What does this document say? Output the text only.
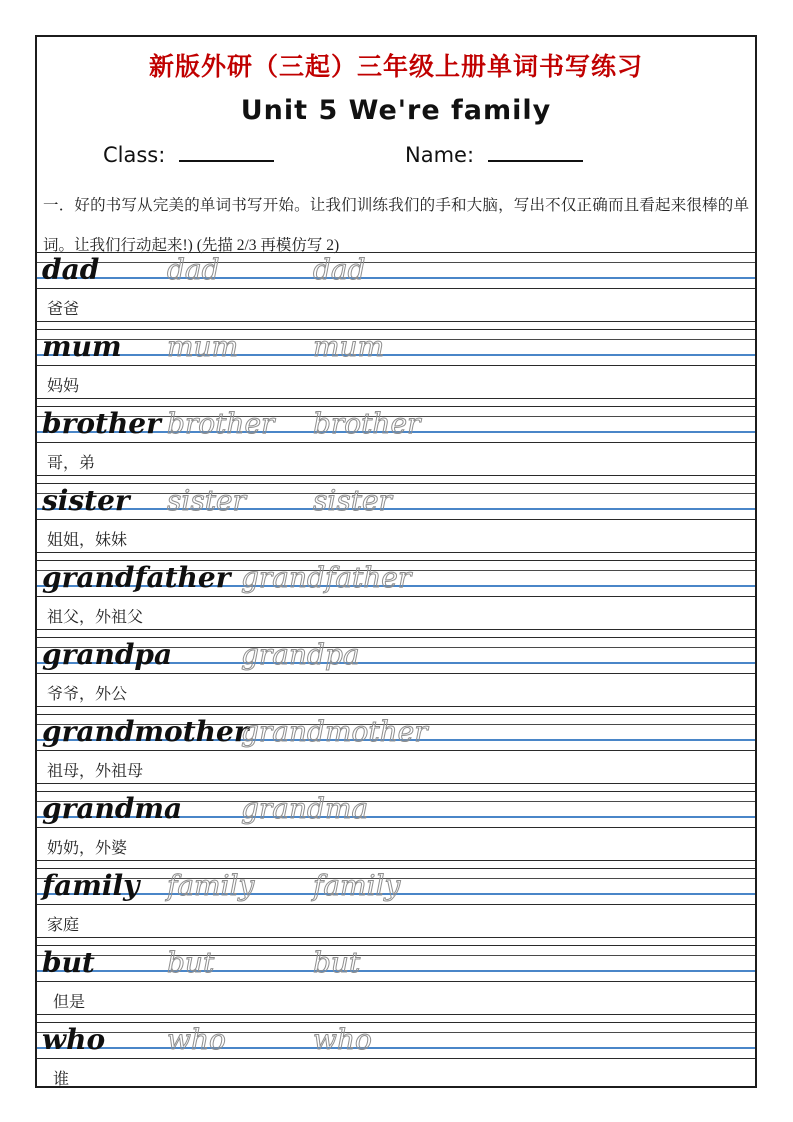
新版外研（三起）三年级上册单词书写练习
Unit 5 We're family
Class:	Name:
一．好的书写从完美的单词书写开始。让我们训练我们的手和大脑，写出不仅正确而且看起来很棒的单词。让我们行动起来!) (先描 2/3 再模仿写 2)
dad dad	dad
爸爸
mum mum	mum
妈妈
brother brother brother
哥，弟
sister sister sister
姐姐，妹妹
grandfather grandfather
祖父，外祖父
grandpa grandpa
爷爷，外公
grandmother
grandmother
祖母，外祖母
grandma grandma
奶奶，外婆
family family family
家庭
but	but	but
但是
who who	who
谁
